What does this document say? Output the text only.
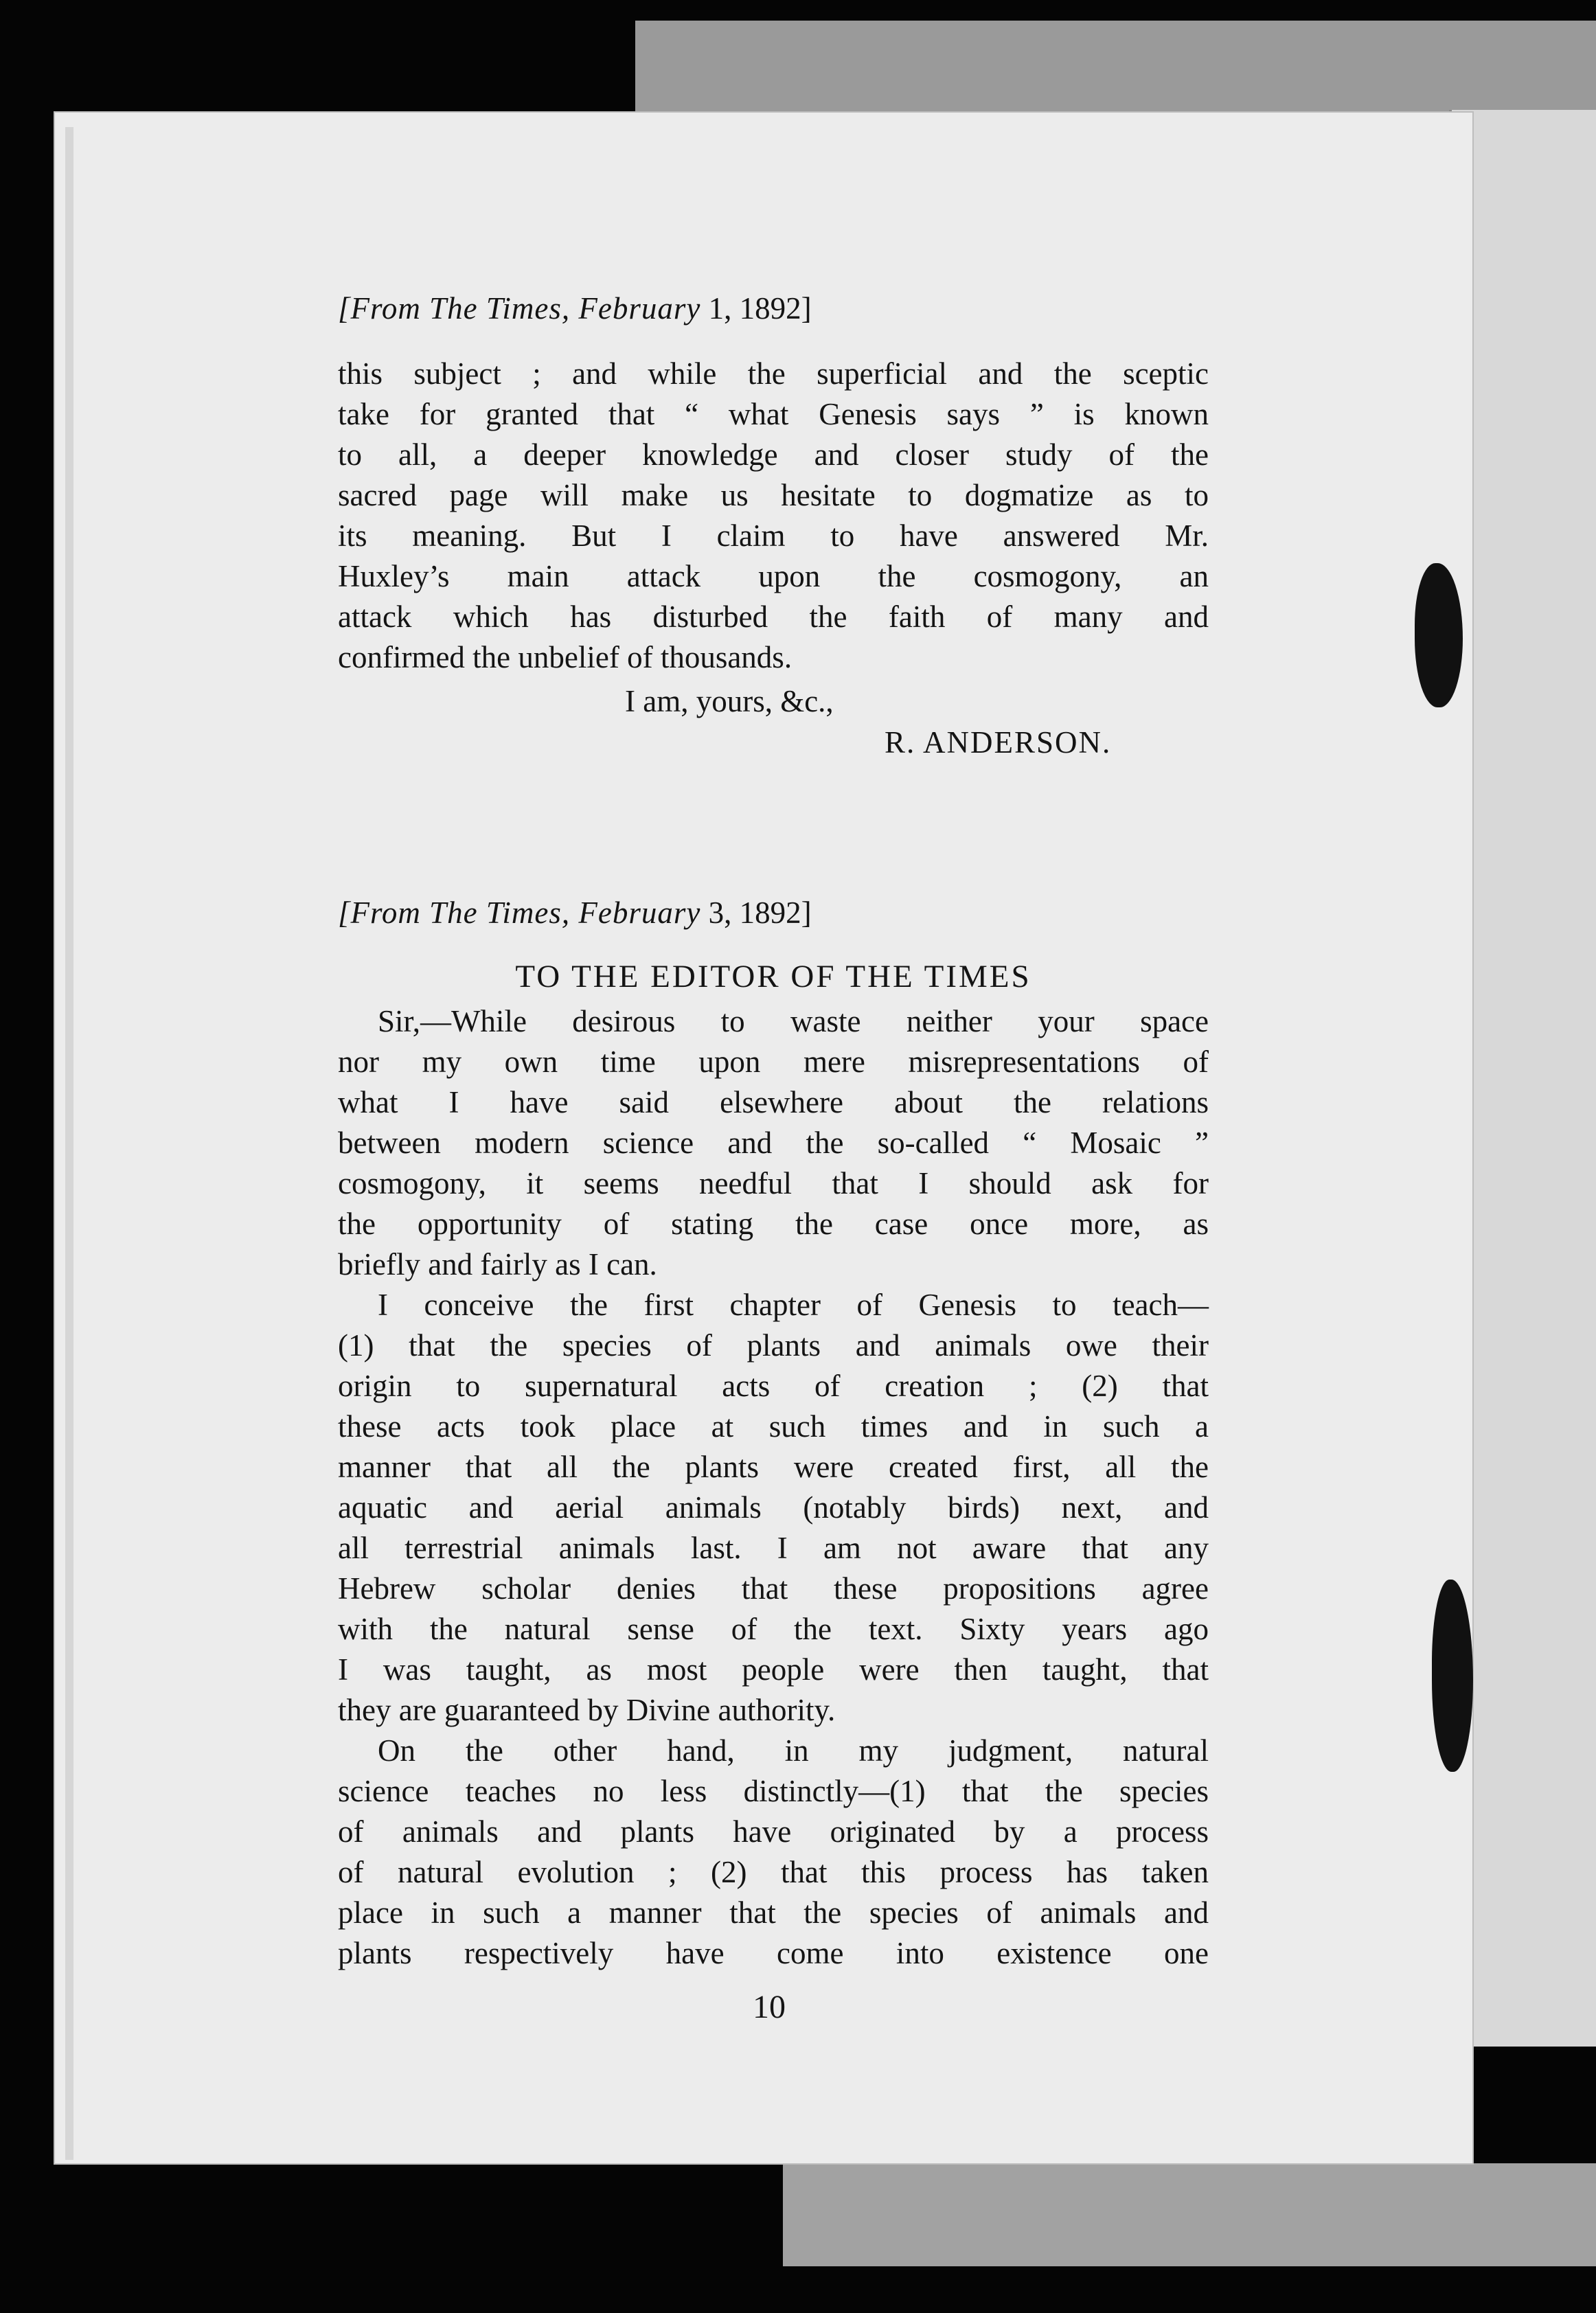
[From The Times, February 1, 1892]
this subject ; and while the superficial and the sceptic
take for granted that “ what Genesis says ” is known
to all, a deeper knowledge and closer study of the
sacred page will make us hesitate to dogmatize as to
its meaning. But I claim to have answered Mr.
Huxley’s main attack upon the cosmogony, an
attack which has disturbed the faith of many and
confirmed the unbelief of thousands.
I am, yours, &c.,
R. ANDERSON.
[From The Times, February 3, 1892]
TO THE EDITOR OF THE TIMES
Sir,—While desirous to waste neither your space
nor my own time upon mere misrepresentations of
what I have said elsewhere about the relations
between modern science and the so-called “ Mosaic ”
cosmogony, it seems needful that I should ask for
the opportunity of stating the case once more, as
briefly and fairly as I can.
I conceive the first chapter of Genesis to teach—
(1) that the species of plants and animals owe their
origin to supernatural acts of creation ; (2) that
these acts took place at such times and in such a
manner that all the plants were created first, all the
aquatic and aerial animals (notably birds) next, and
all terrestrial animals last. I am not aware that any
Hebrew scholar denies that these propositions agree
with the natural sense of the text. Sixty years ago
I was taught, as most people were then taught, that
they are guaranteed by Divine authority.
On the other hand, in my judgment, natural
science teaches no less distinctly—(1) that the species
of animals and plants have originated by a process
of natural evolution ; (2) that this process has taken
place in such a manner that the species of animals and
plants respectively have come into existence one
10
